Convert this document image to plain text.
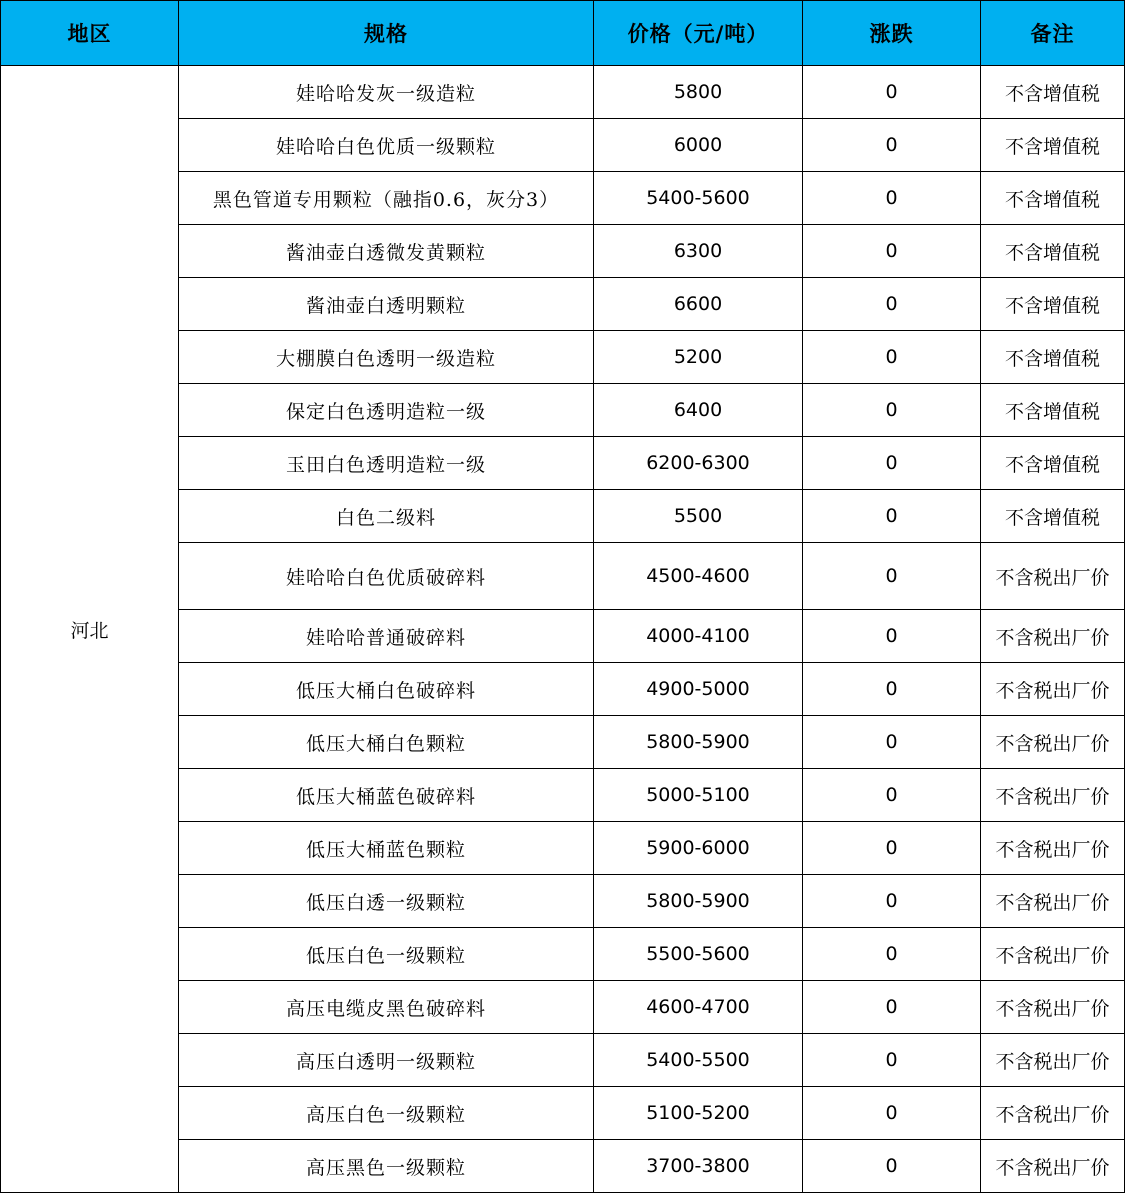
地区	规格	价格（元/吨）	涨跌	备注
河北	娃哈哈发灰一级造粒	5800	0	不含增值税
	娃哈哈白色优质一级颗粒	6000	0	不含增值税
	黑色管道专用颗粒（融指0.6，灰分3）	5400-5600	0	不含增值税
	酱油壶白透微发黄颗粒	6300	0	不含增值税
	酱油壶白透明颗粒	6600	0	不含增值税
	大棚膜白色透明一级造粒	5200	0	不含增值税
	保定白色透明造粒一级	6400	0	不含增值税
	玉田白色透明造粒一级	6200-6300	0	不含增值税
	白色二级料	5500	0	不含增值税
	娃哈哈白色优质破碎料	4500-4600	0	不含税出厂价
	娃哈哈普通破碎料	4000-4100	0	不含税出厂价
	低压大桶白色破碎料	4900-5000	0	不含税出厂价
	低压大桶白色颗粒	5800-5900	0	不含税出厂价
	低压大桶蓝色破碎料	5000-5100	0	不含税出厂价
	低压大桶蓝色颗粒	5900-6000	0	不含税出厂价
	低压白透一级颗粒	5800-5900	0	不含税出厂价
	低压白色一级颗粒	5500-5600	0	不含税出厂价
	高压电缆皮黑色破碎料	4600-4700	0	不含税出厂价
	高压白透明一级颗粒	5400-5500	0	不含税出厂价
	高压白色一级颗粒	5100-5200	0	不含税出厂价
	高压黑色一级颗粒	3700-3800	0	不含税出厂价
